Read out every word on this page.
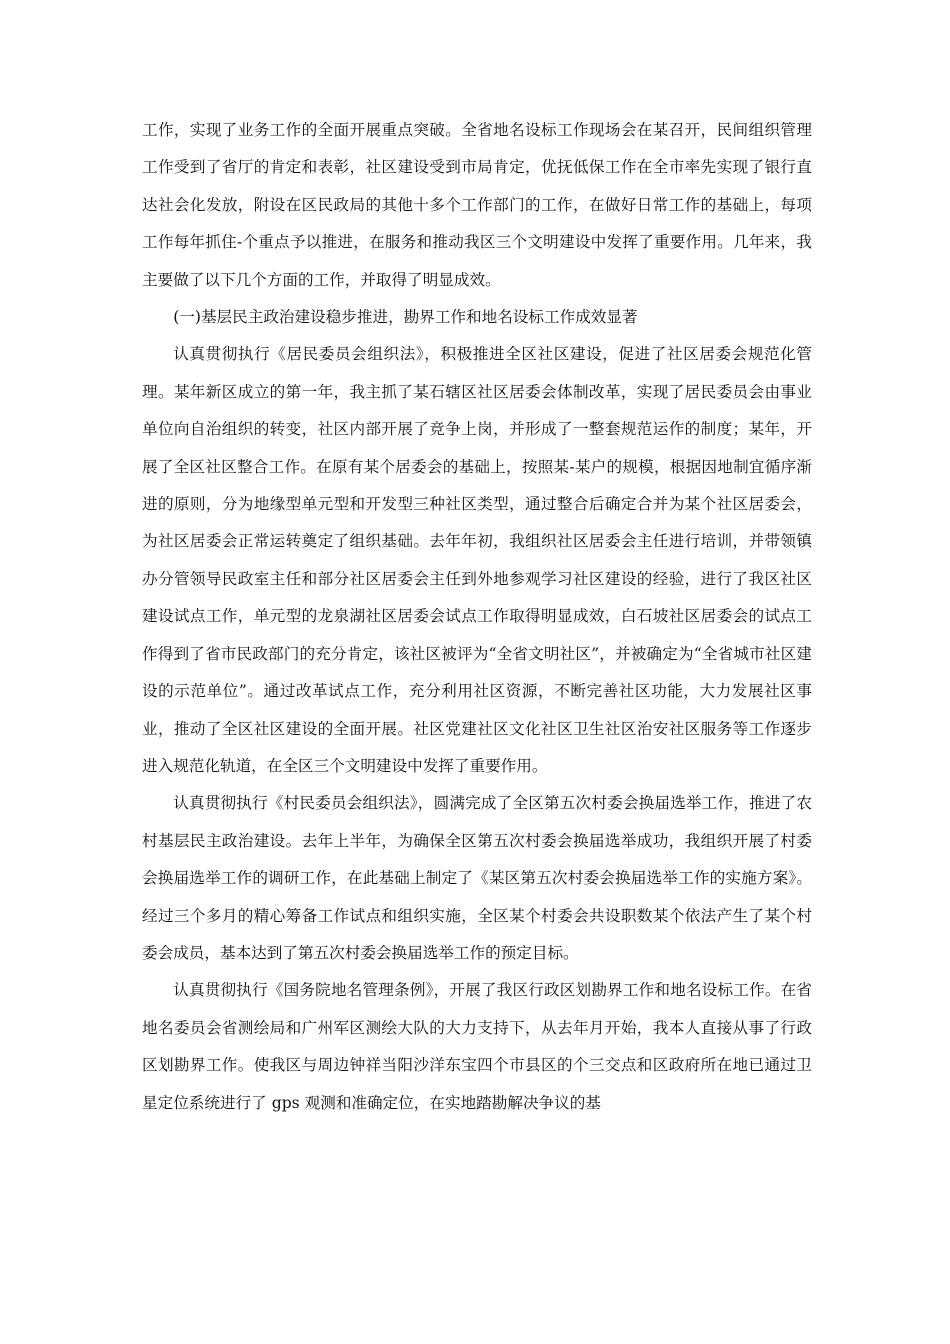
工作，实现了业务工作的全面开展重点突破。全省地名设标工作现场会在某召开，民间组织管理工作受到了省厅的肯定和表彰，社区建设受到市局肯定，优抚低保工作在全市率先实现了银行直达社会化发放，附设在区民政局的其他十多个工作部门的工作，在做好日常工作的基础上，每项工作每年抓住-个重点予以推进，在服务和推动我区三个文明建设中发挥了重要作用。几年来，我主要做了以下几个方面的工作，并取得了明显成效。

(一)基层民主政治建设稳步推进，勘界工作和地名设标工作成效显著

认真贯彻执行《居民委员会组织法》，积极推进全区社区建设，促进了社区居委会规范化管理。某年新区成立的第一年，我主抓了某石辖区社区居委会体制改革，实现了居民委员会由事业单位向自治组织的转变，社区内部开展了竞争上岗，并形成了一整套规范运作的制度；某年，开展了全区社区整合工作。在原有某个居委会的基础上，按照某-某户的规模，根据因地制宜循序渐进的原则，分为地缘型单元型和开发型三种社区类型，通过整合后确定合并为某个社区居委会，为社区居委会正常运转奠定了组织基础。去年年初，我组织社区居委会主任进行培训，并带领镇办分管领导民政室主任和部分社区居委会主任到外地参观学习社区建设的经验，进行了我区社区建设试点工作，单元型的龙泉湖社区居委会试点工作取得明显成效，白石坡社区居委会的试点工作得到了省市民政部门的充分肯定，该社区被评为“全省文明社区”，并被确定为“全省城市社区建设的示范单位”。通过改革试点工作，充分利用社区资源，不断完善社区功能，大力发展社区事业，推动了全区社区建设的全面开展。社区党建社区文化社区卫生社区治安社区服务等工作逐步进入规范化轨道，在全区三个文明建设中发挥了重要作用。

认真贯彻执行《村民委员会组织法》，圆满完成了全区第五次村委会换届选举工作，推进了农村基层民主政治建设。去年上半年，为确保全区第五次村委会换届选举成功，我组织开展了村委会换届选举工作的调研工作，在此基础上制定了《某区第五次村委会换届选举工作的实施方案》。经过三个多月的精心筹备工作试点和组织实施，全区某个村委会共设职数某个依法产生了某个村委会成员，基本达到了第五次村委会换届选举工作的预定目标。

认真贯彻执行《国务院地名管理条例》，开展了我区行政区划勘界工作和地名设标工作。在省地名委员会省测绘局和广州军区测绘大队的大力支持下，从去年月开始，我本人直接从事了行政区划勘界工作。使我区与周边钟祥当阳沙洋东宝四个市县区的个三交点和区政府所在地已通过卫星定位系统进行了 gps 观测和准确定位，在实地踏勘解决争议的基
